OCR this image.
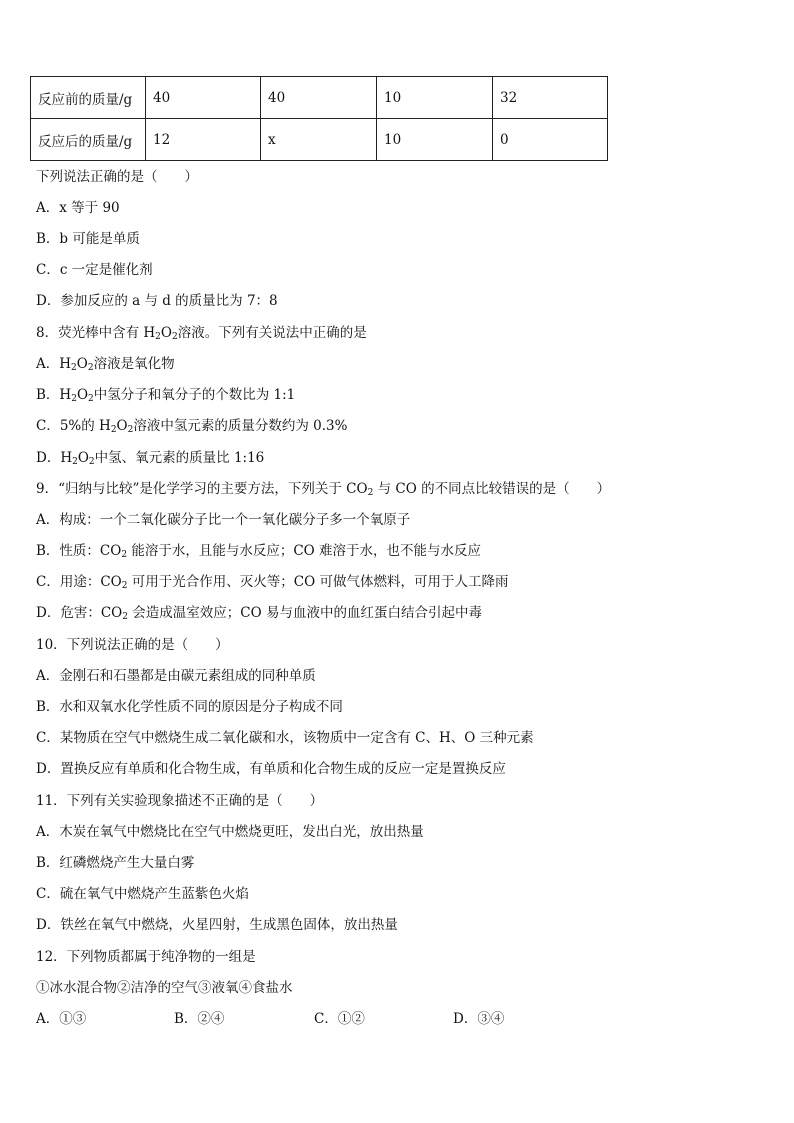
反应前的质量/g	40	40	10	32
反应后的质量/g	12	x	10	0
下列说法正确的是（　　）
A．x 等于 90
B．b 可能是单质
C．c 一定是催化剂
D．参加反应的 a 与 d 的质量比为 7：8
8．荧光棒中含有 $H_2O_2$溶液。下列有关说法中正确的是
A．$H_2O_2$溶液是氧化物
B．$H_2O_2$中氢分子和氧分子的个数比为 1:1
C．5%的 $H_2O_2$溶液中氢元素的质量分数约为 0.3%
D．$H_2O_2$中氢、氧元素的质量比 1:16
9．“归纳与比较”是化学学习的主要方法，下列关于 $CO_2$ 与 CO 的不同点比较错误的是（　　）
A．构成：一个二氧化碳分子比一个一氧化碳分子多一个氧原子
B．性质：$CO_2$ 能溶于水，且能与水反应；CO 难溶于水，也不能与水反应
C．用途：$CO_2$ 可用于光合作用、灭火等；CO 可做气体燃料，可用于人工降雨
D．危害：$CO_2$ 会造成温室效应；CO 易与血液中的血红蛋白结合引起中毒
10．下列说法正确的是（　　）
A．金刚石和石墨都是由碳元素组成的同种单质
B．水和双氧水化学性质不同的原因是分子构成不同
C．某物质在空气中燃烧生成二氧化碳和水，该物质中一定含有 C、H、O 三种元素
D．置换反应有单质和化合物生成，有单质和化合物生成的反应一定是置换反应
11．下列有关实验现象描述不正确的是（　　）
A．木炭在氧气中燃烧比在空气中燃烧更旺，发出白光，放出热量
B．红磷燃烧产生大量白雾
C．硫在氧气中燃烧产生蓝紫色火焰
D．铁丝在氧气中燃烧，火星四射，生成黑色固体，放出热量
12．下列物质都属于纯净物的一组是
①冰水混合物②洁净的空气③液氧④食盐水
A．①③	B．②④	C．①②	D．③④
